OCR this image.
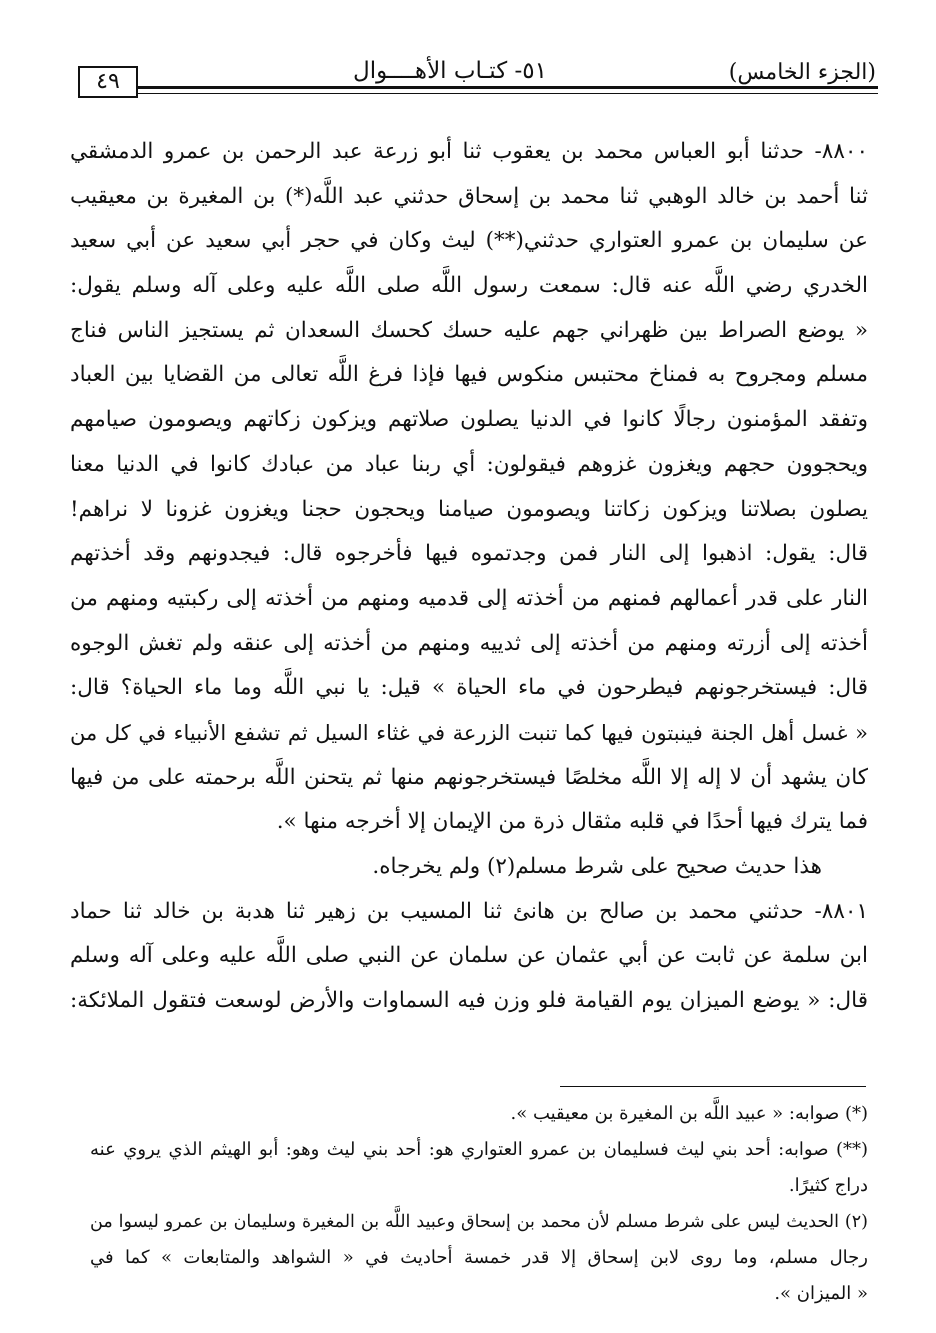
(الجزء الخامس)
٥١- كتـاب الأهــــوال
٤٩
٨٨٠٠- حدثنا أبو العباس محمد بن يعقوب ثنا أبو زرعة عبد الرحمن بن عمرو الدمشقي
ثنا أحمد بن خالد الوهبي ثنا محمد بن إسحاق حدثني عبد اللَّه(*) بن المغيرة بن معيقيب
عن سليمان بن عمرو العتواري حدثني(**) ليث وكان في حجر أبي سعيد عن أبي سعيد
الخدري رضي اللَّه عنه قال: سمعت رسول اللَّه صلى اللَّه عليه وعلى آله وسلم يقول:
« يوضع الصراط بين ظهراني جهم عليه حسك كحسك السعدان ثم يستجيز الناس فناج
مسلم ومجروح به فمناخ محتبس منكوس فيها فإذا فرغ اللَّه تعالى من القضايا بين العباد
وتفقد المؤمنون رجالًا كانوا في الدنيا يصلون صلاتهم ويزكون زكاتهم ويصومون صيامهم
ويحجوون حجهم ويغزون غزوهم فيقولون: أي ربنا عباد من عبادك كانوا في الدنيا معنا
يصلون بصلاتنا ويزكون زكاتنا ويصومون صيامنا ويحجون حجنا ويغزون غزونا لا نراهم!
قال: يقول: اذهبوا إلى النار فمن وجدتموه فيها فأخرجوه قال: فيجدونهم وقد أخذتهم
النار على قدر أعمالهم فمنهم من أخذته إلى قدميه ومنهم من أخذته إلى ركبتيه ومنهم من
أخذته إلى أزرته ومنهم من أخذته إلى ثدييه ومنهم من أخذته إلى عنقه ولم تغش الوجوه
قال: فيستخرجونهم فيطرحون في ماء الحياة » قيل: يا نبي اللَّه وما ماء الحياة؟ قال:
« غسل أهل الجنة فينبتون فيها كما تنبت الزرعة في غثاء السيل ثم تشفع الأنبياء في كل من
كان يشهد أن لا إله إلا اللَّه مخلصًا فيستخرجونهم منها ثم يتحنن اللَّه برحمته على من فيها
فما يترك فيها أحدًا في قلبه مثقال ذرة من الإيمان إلا أخرجه منها ».
هذا حديث صحيح على شرط مسلم(٢) ولم يخرجاه.
٨٨٠١- حدثني محمد بن صالح بن هانئ ثنا المسيب بن زهير ثنا هدبة بن خالد ثنا حماد
ابن سلمة عن ثابت عن أبي عثمان عن سلمان عن النبي صلى اللَّه عليه وعلى آله وسلم
قال: « يوضع الميزان يوم القيامة فلو وزن فيه السماوات والأرض لوسعت فتقول الملائكة:
(*) صوابه: « عبيد اللَّه بن المغيرة بن معيقيب ».
(**) صوابه: أحد بني ليث فسليمان بن عمرو العتواري هو: أحد بني ليث وهو: أبو الهيثم الذي يروي عنه
دراج كثيرًا.
(٢) الحديث ليس على شرط مسلم لأن محمد بن إسحاق وعبيد اللَّه بن المغيرة وسليمان بن عمرو ليسوا من
رجال مسلم، وما روى لابن إسحاق إلا قدر خمسة أحاديث في « الشواهد والمتابعات » كما في
« الميزان ».
